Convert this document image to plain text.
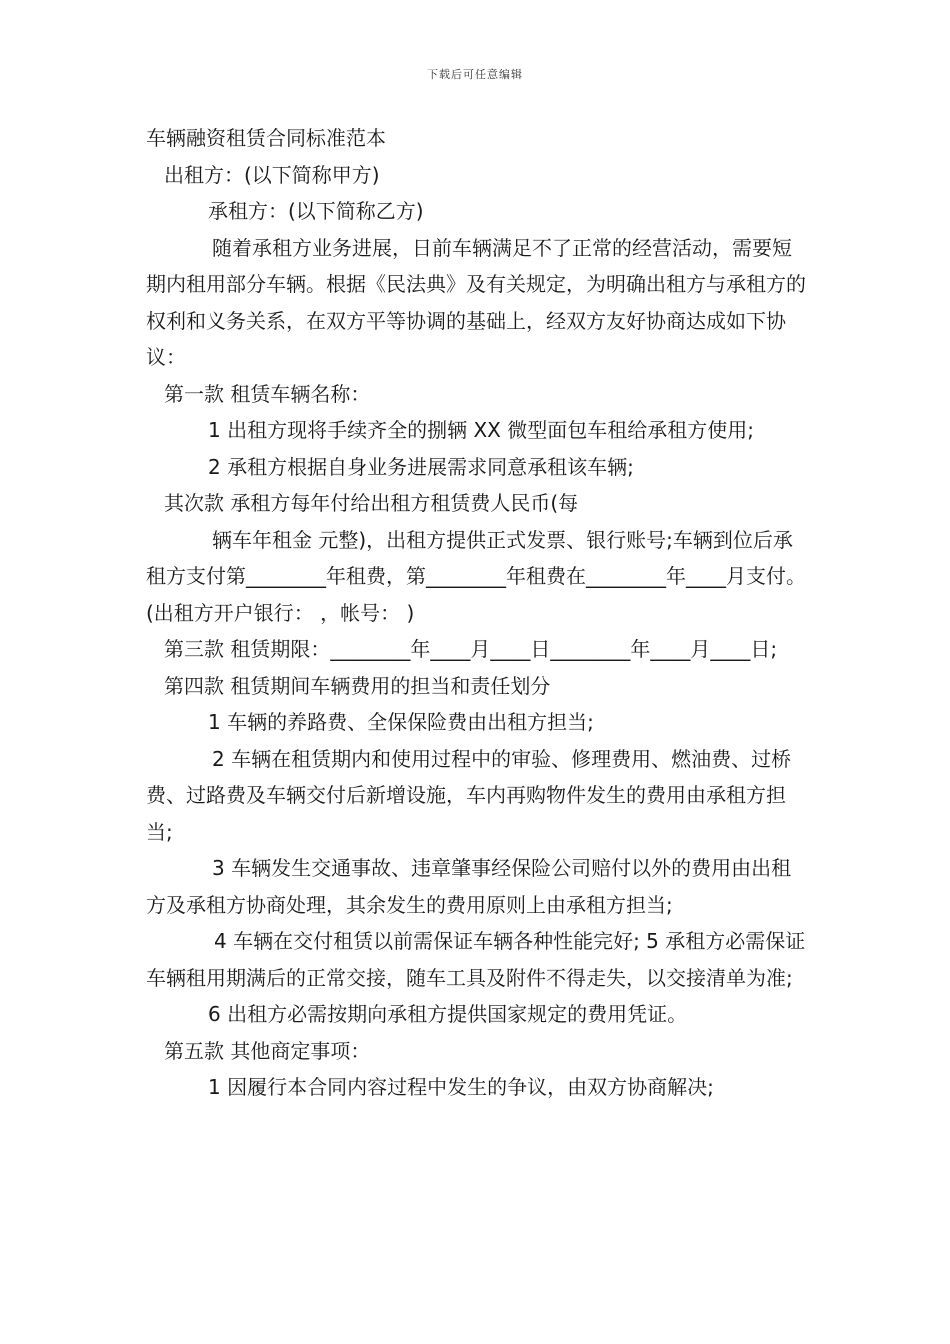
下载后可任意编辑

车辆融资租赁合同标准范本

出租方：(以下简称甲方)

承租方：(以下简称乙方)

随着承租方业务进展，日前车辆满足不了正常的经营活动，需要短期内租用部分车辆。根据《民法典》及有关规定，为明确出租方与承租方的权利和义务关系，在双方平等协调的基础上，经双方友好协商达成如下协议：

第一款 租赁车辆名称：

1 出租方现将手续齐全的捌辆 XX 微型面包车租给承租方使用;

2 承租方根据自身业务进展需求同意承租该车辆;

其次款 承租方每年付给出租方租赁费人民币(每

辆车年租金 元整)，出租方提供正式发票、银行账号;车辆到位后承租方支付第________年租费，第________年租费在________年____月支付。(出租方开户银行： ，帐号： )

第三款 租赁期限：________年____月____日________年____月____日;

第四款 租赁期间车辆费用的担当和责任划分

1 车辆的养路费、全保保险费由出租方担当;

2 车辆在租赁期内和使用过程中的审验、修理费用、燃油费、过桥费、过路费及车辆交付后新增设施，车内再购物件发生的费用由承租方担当;

3 车辆发生交通事故、违章肇事经保险公司赔付以外的费用由出租方及承租方协商处理，其余发生的费用原则上由承租方担当;

4 车辆在交付租赁以前需保证车辆各种性能完好; 5 承租方必需保证车辆租用期满后的正常交接，随车工具及附件不得走失，以交接清单为准;

6 出租方必需按期向承租方提供国家规定的费用凭证。

第五款 其他商定事项：

1 因履行本合同内容过程中发生的争议，由双方协商解决;
